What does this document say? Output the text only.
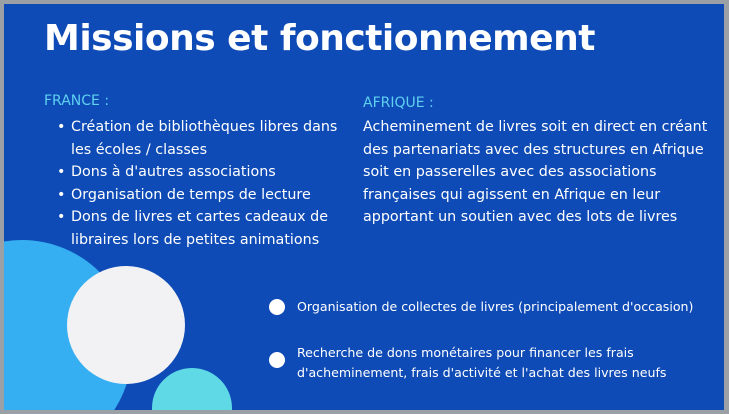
Missions et fonctionnement
FRANCE :
• Création de bibliothèques libres dans les écoles / classes
• Dons à d'autres associations
• Organisation de temps de lecture
• Dons de livres et cartes cadeaux de libraires lors de petites animations
AFRIQUE :
Acheminement de livres soit en direct en créant des partenariats avec des structures en Afrique soit en passerelles avec des associations françaises qui agissent en Afrique en leur apportant un soutien avec des lots de livres
Organisation de collectes de livres (principalement d'occasion)
Recherche de dons monétaires pour financer les frais
d'acheminement, frais d'activité et l'achat des livres neufs
